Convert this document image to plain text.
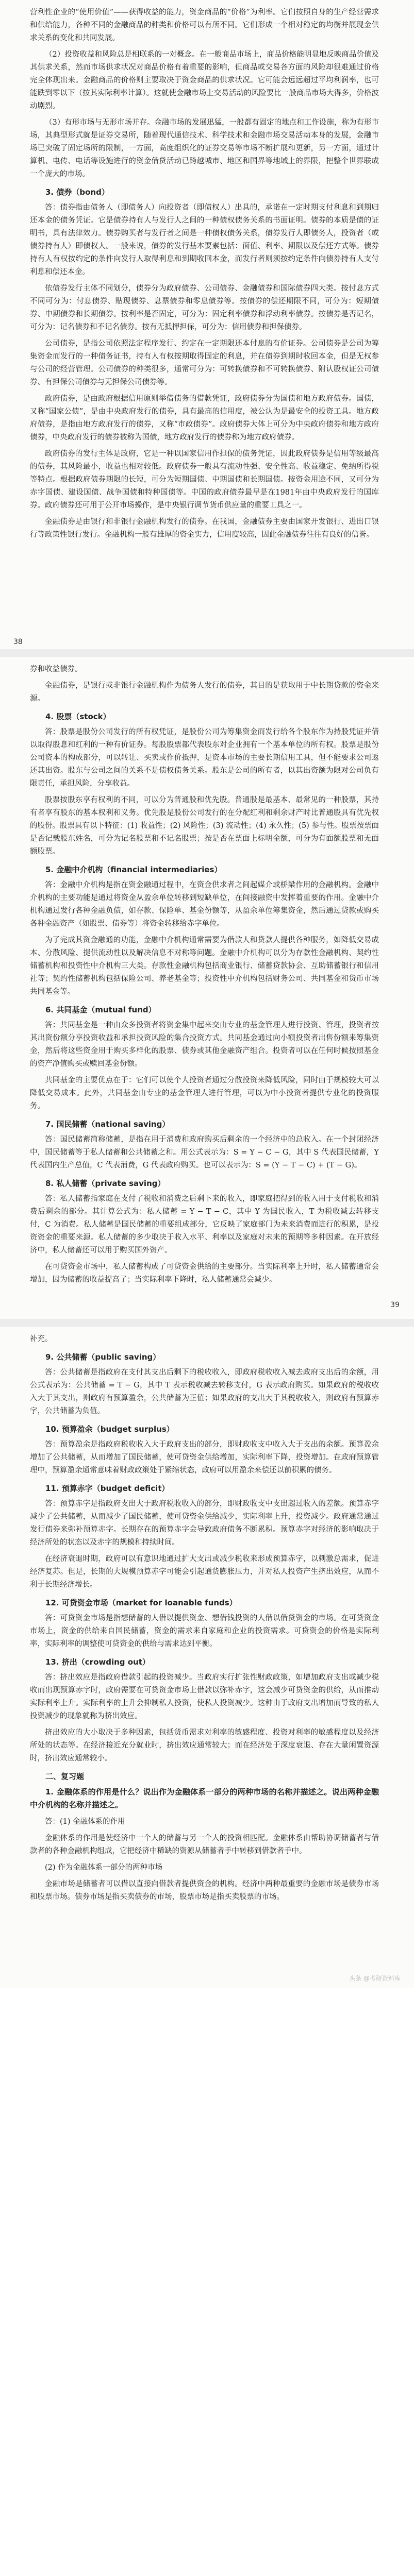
营利性企业的“使用价值”——获得收益的能力，资金商品的“价格”为利率。它们按照自身的生产经营需求和供给能力，各种不同的金融商品的种类和价格可以有所不同。它们形成一个相对稳定的均衡并展现金供求关系的变化和共同发展。

（2）投资收益和风险总是相联系的一对概念。在一般商品市场上，商品价格能明显地反映商品价值及其供求关系，然而市场供求状况对商品价格有着重要的影响，但商品或交易各方面的风险却很难通过价格完全体现出来。金融商品的价格则主要取决于资金商品的供求状况。它可能会远远超过平均利润率，也可能跌到零以下（按其实际利率计算）。这就使金融市场上交易活动的风险要比一般商品市场大得多，价格波动剧烈。

（3）有形市场与无形市场并存。金融市场的发展迅猛，一般都有固定的地点和工作设施，称为有形市场，其典型形式就是证券交易所，随着现代通信技术、科学技术和金融市场交易活动本身的发展，金融市场已突破了固定场所的限制，一方面，高度组织化的证券交易等市场不断扩展和更新，另一方面，通过计算机、电传、电话等设施进行的资金借贷活动已跨越城市、地区和国界等地域上的界限，把整个世界联成一个庞大的市场。

3. 债券（bond）

答：债券指由债务人（即债务人）向投资者（即债权人）出具的，承诺在一定时期支付利息和到期归还本金的债务凭证。它是债券持有人与发行人之间的一种债权债务关系的书面证明。债券的本质是债的证明书，具有法律效力。债券购买者与发行者之间是一种债权债务关系，债券发行人即债务人，投资者（或债券持有人）即债权人。一般来说，债券的发行基本要素包括：面值、利率、期限以及偿还方式等。债券持有人有权按约定的条件向发行人取得利息和到期收回本金，而发行者则须按约定条件向债券持有人支付利息和偿还本金。

依债券发行主体不同划分，债券分为政府债券、公司债券、金融债券和国际债券四大类。按付息方式不同可分为：付息债券、贴现债券、息票债券和零息债券等。按债券的偿还期限不同，可分为：短期债券、中期债券和长期债券。按利率是否固定，可分为：固定利率债券和浮动利率债券。按债券是否记名，可分为：记名债券和不记名债券。按有无抵押担保，可分为：信用债券和担保债券。

公司债券，是指公司依照法定程序发行、约定在一定期限还本付息的有价证券。公司债券是公司为筹集资金而发行的一种债务证书，持有人有权按期取得固定的利息，并在债券到期时收回本金，但是无权参与公司的经营管理。公司债券的种类很多，通常可分为：可转换债券和不可转换债券、附认股权证公司债券、有担保公司债券与无担保公司债券等。

政府债券，是由政府根据信用原则举借债务的借款凭证，政府债券分为国债和地方政府债券。国债，又称“国家公债”，是由中央政府发行的债券，具有最高的信用度，被公认为是最安全的投资工具。地方政府债券，是指由地方政府发行的债券，又称“市政债券”。政府债券大体上可分为中央政府债券和地方政府债券，中央政府发行的债券被称为国债，地方政府发行的债券称为地方政府债券。

政府债券的发行主体是政府，它是一种以国家信用作担保的债务凭证，因此政府债券是信用等级最高的债券，其风险最小，收益也相对较低。政府债券一般具有流动性强、安全性高、收益稳定、免纳所得税等特点。根据政府债券期限的长短，可分为短期国债、中期国债和长期国债。按资金用途不同，又可分为赤字国债、建设国债、战争国债和特种国债等。中国的政府债券最早是在1981年由中央政府发行的国库券。政府债券还可用于公开市场操作，是中央银行调节货币供应量的重要工具之一。

金融债券是由银行和非银行金融机构发行的债券。在我国，金融债券主要由国家开发银行、进出口银行等政策性银行发行。金融机构一般有雄厚的资金实力，信用度较高，因此金融债券往往有良好的信誉。

38

券和收益债券。

金融债券，是银行或非银行金融机构作为债务人发行的债券，其目的是获取用于中长期贷款的资金来源。

4. 股票（stock）

答：股票是股份公司发行的所有权凭证，是股份公司为筹集资金而发行给各个股东作为持股凭证并借以取得股息和红利的一种有价证券。每股股票都代表股东对企业拥有一个基本单位的所有权。股票是股份公司资本的构成部分，可以转让、买卖或作价抵押，是资本市场的主要长期信用工具，但不能要求公司返还其出资。股东与公司之间的关系不是债权债务关系。股东是公司的所有者，以其出资额为限对公司负有限责任，承担风险，分享收益。

股票按股东享有权利的不同，可以分为普通股和优先股。普通股是最基本、最常见的一种股票，其持有者享有股东的基本权利和义务。优先股是股份公司发行的在分配红利和剩余财产时比普通股具有优先权的股份。股票具有以下特征：(1) 收益性；(2) 风险性；(3) 流动性；(4) 永久性；(5) 参与性。股票按票面是否记载股东姓名，可分为记名股票和不记名股票；按是否在票面上标明金额，可分为有面额股票和无面额股票。

5. 金融中介机构（financial intermediaries）

答：金融中介机构是指在资金融通过程中，在资金供求者之间起媒介或桥梁作用的金融机构。金融中介机构的主要功能是通过将资金从盈余单位转移到短缺单位，在间接融资中发挥着重要的作用。金融中介机构通过发行各种金融负债，如存款、保险单、基金份额等，从盈余单位筹集资金，然后通过贷款或购买各种金融资产（如股票、债券等）将资金转移给赤字单位。

为了完成其资金融通的功能，金融中介机构通常需要为借款人和贷款人提供各种服务，如降低交易成本、分散风险、提供流动性以及解决信息不对称等问题。金融中介机构可以分为存款性金融机构、契约性储蓄机构和投资性中介机构三大类。存款性金融机构包括商业银行、储蓄贷款协会、互助储蓄银行和信用社等；契约性储蓄机构包括保险公司、养老基金等；投资性中介机构包括财务公司、共同基金和货币市场共同基金等。

6. 共同基金（mutual fund）

答：共同基金是一种由众多投资者将资金集中起来交由专业的基金管理人进行投资、管理，投资者按其出资份额分享投资收益和承担投资风险的集合投资方式。共同基金通过向小额投资者出售份额来筹集资金，然后将这些资金用于购买多样化的股票、债券或其他金融资产组合。投资者可以在任何时候按照基金的资产净值购买或赎回基金份额。

共同基金的主要优点在于：它们可以使个人投资者通过分散投资来降低风险，同时由于规模较大可以降低交易成本。此外，共同基金由专业的基金管理人进行管理，可以为中小投资者提供专业化的投资服务。

7. 国民储蓄（national saving）

答：国民储蓄简称储蓄，是指在用于消费和政府购买后剩余的一个经济中的总收入。在一个封闭经济中，国民储蓄等于私人储蓄和公共储蓄之和。用公式表示为：S = Y − C − G，其中 S 代表国民储蓄，Y 代表国内生产总值，C 代表消费，G 代表政府购买。也可以表示为：S = (Y − T − C) + (T − G)。

8. 私人储蓄（private saving）

答：私人储蓄指家庭在支付了税收和消费之后剩下来的收入，即家庭把得到的收入用于支付税收和消费后剩余的部分。其计算公式为：私人储蓄 = Y − T − C，其中 Y 为国民收入，T 为税收减去转移支付，C 为消费。私人储蓄是国民储蓄的重要组成部分，它反映了家庭部门为未来消费而进行的积累，是投资资金的重要来源。私人储蓄的多少取决于收入水平、利率以及家庭对未来的预期等多种因素。在开放经济中，私人储蓄还可以用于购买国外资产。

在可贷资金市场中，私人储蓄构成了可贷资金供给的主要部分。当实际利率上升时，私人储蓄通常会增加，因为储蓄的收益提高了；当实际利率下降时，私人储蓄通常会减少。

39

补充。

9. 公共储蓄（public saving）

答：公共储蓄是指政府在支付其支出后剩下的税收收入，即政府税收收入减去政府支出后的余额，用公式表示为：公共储蓄 = T − G，其中 T 表示税收减去转移支付，G 表示政府购买。如果政府的税收收入大于其支出，则政府有预算盈余，公共储蓄为正值；如果政府的支出大于其税收收入，则政府有预算赤字，公共储蓄为负值。

10. 预算盈余（budget surplus）

答：预算盈余是指政府税收收入大于政府支出的部分，即财政收支中收入大于支出的余额。预算盈余增加了公共储蓄，从而增加了国民储蓄，使可贷资金供给增加，实际利率下降，投资增加。在政府预算管理中，预算盈余通常意味着财政政策处于紧缩状态，政府可以用盈余来偿还以前积累的债务。

11. 预算赤字（budget deficit）

答：预算赤字是指政府支出大于政府税收收入的部分，即财政收支中支出超过收入的差额。预算赤字减少了公共储蓄，从而减少了国民储蓄，使可贷资金供给减少，实际利率上升，投资减少。政府通常通过发行债券来弥补预算赤字。长期存在的预算赤字会导致政府债务不断累积。预算赤字对经济的影响取决于经济所处的状态以及赤字的规模和持续时间。

在经济衰退时期，政府可以有意识地通过扩大支出或减少税收来形成预算赤字，以刺激总需求，促进经济复苏。但是，长期的大规模预算赤字可能会引起通货膨胀压力，并对私人投资产生挤出效应，从而不利于长期经济增长。

12. 可贷资金市场（market for loanable funds）

答：可贷资金市场是指想储蓄的人借以提供资金、想借钱投资的人借以借贷资金的市场。在可贷资金市场上，资金的供给来自国民储蓄，资金的需求来自家庭和企业的投资需求。可贷资金的价格是实际利率，实际利率的调整使可贷资金的供给与需求达到平衡。

13. 挤出（crowding out）

答：挤出效应是指政府借款引起的投资减少。当政府实行扩张性财政政策，如增加政府支出或减少税收而出现预算赤字时，政府需要在可贷资金市场上借款以弥补赤字，这会减少可贷资金的供给，从而推动实际利率上升。实际利率的上升会抑制私人投资，使私人投资减少。这种由于政府支出增加而导致的私人投资减少的现象就称为挤出效应。

挤出效应的大小取决于多种因素，包括货币需求对利率的敏感程度、投资对利率的敏感程度以及经济所处的状态等。在经济接近充分就业时，挤出效应通常较大；而在经济处于深度衰退、存在大量闲置资源时，挤出效应通常较小。

二、复习题

1. 金融体系的作用是什么？说出作为金融体系一部分的两种市场的名称并描述之。说出两种金融中介机构的名称并描述之。

答：(1) 金融体系的作用

金融体系的作用是使经济中一个人的储蓄与另一个人的投资相匹配。金融体系由帮助协调储蓄者与借款者的各种金融机构组成，它把经济中稀缺的资源从储蓄者手中转移到借款者手中。

(2) 作为金融体系一部分的两种市场

金融市场是储蓄者可以借以直接向借款者提供资金的机构。经济中两种最重要的金融市场是债券市场和股票市场。债券市场是指买卖债券的市场，股票市场是指买卖股票的市场。

头条 @考研资料库
